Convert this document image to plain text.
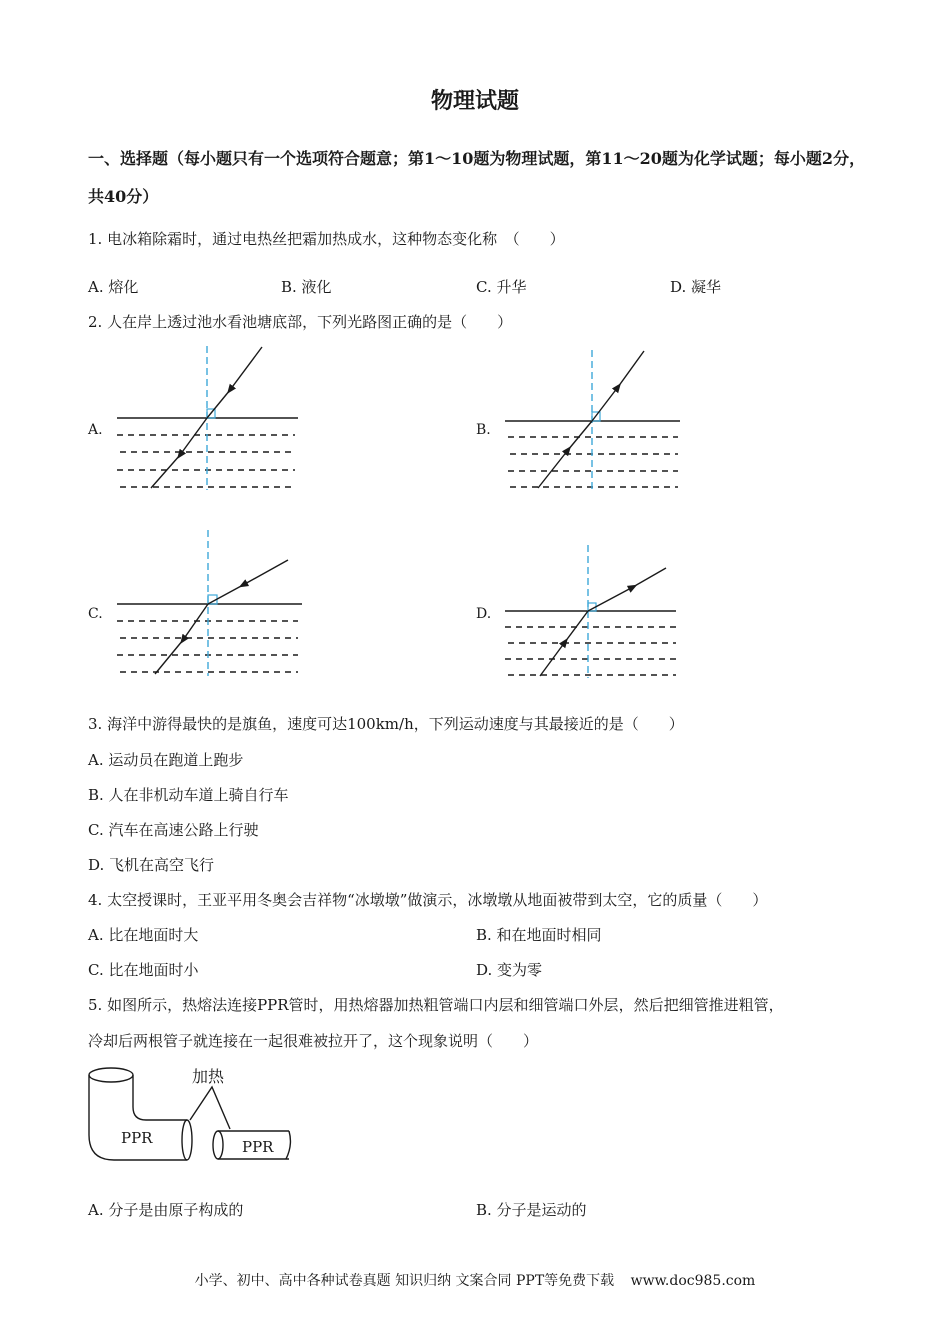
物理试题
一、选择题（每小题只有一个选项符合题意；第1～10题为物理试题，第11～20题为化学试题；每小题2分，共40分）
1. 电冰箱除霜时，通过电热丝把霜加热成水，这种物态变化称　（　　）
A. 熔化	B. 液化	C. 升华	D. 凝华
2. 人在岸上透过池水看池塘底部，下列光路图正确的是（　　）
A.	B.
C.	D.
3. 海洋中游得最快的是旗鱼，速度可达100km/h，下列运动速度与其最接近的是（　　）
A. 运动员在跑道上跑步
B. 人在非机动车道上骑自行车
C. 汽车在高速公路上行驶
D. 飞机在高空飞行
4. 太空授课时，王亚平用冬奥会吉祥物“冰墩墩”做演示，冰墩墩从地面被带到太空，它的质量（　　）
A. 比在地面时大	B. 和在地面时相同
C. 比在地面时小	D. 变为零
5. 如图所示，热熔法连接PPR管时，用热熔器加热粗管端口内层和细管端口外层，然后把细管推进粗管，
冷却后两根管子就连接在一起很难被拉开了，这个现象说明（　　）
加热
PPR	PPR
A. 分子是由原子构成的	B. 分子是运动的
小学、初中、高中各种试卷真题 知识归纳 文案合同 PPT等免费下载 www.doc985.com
